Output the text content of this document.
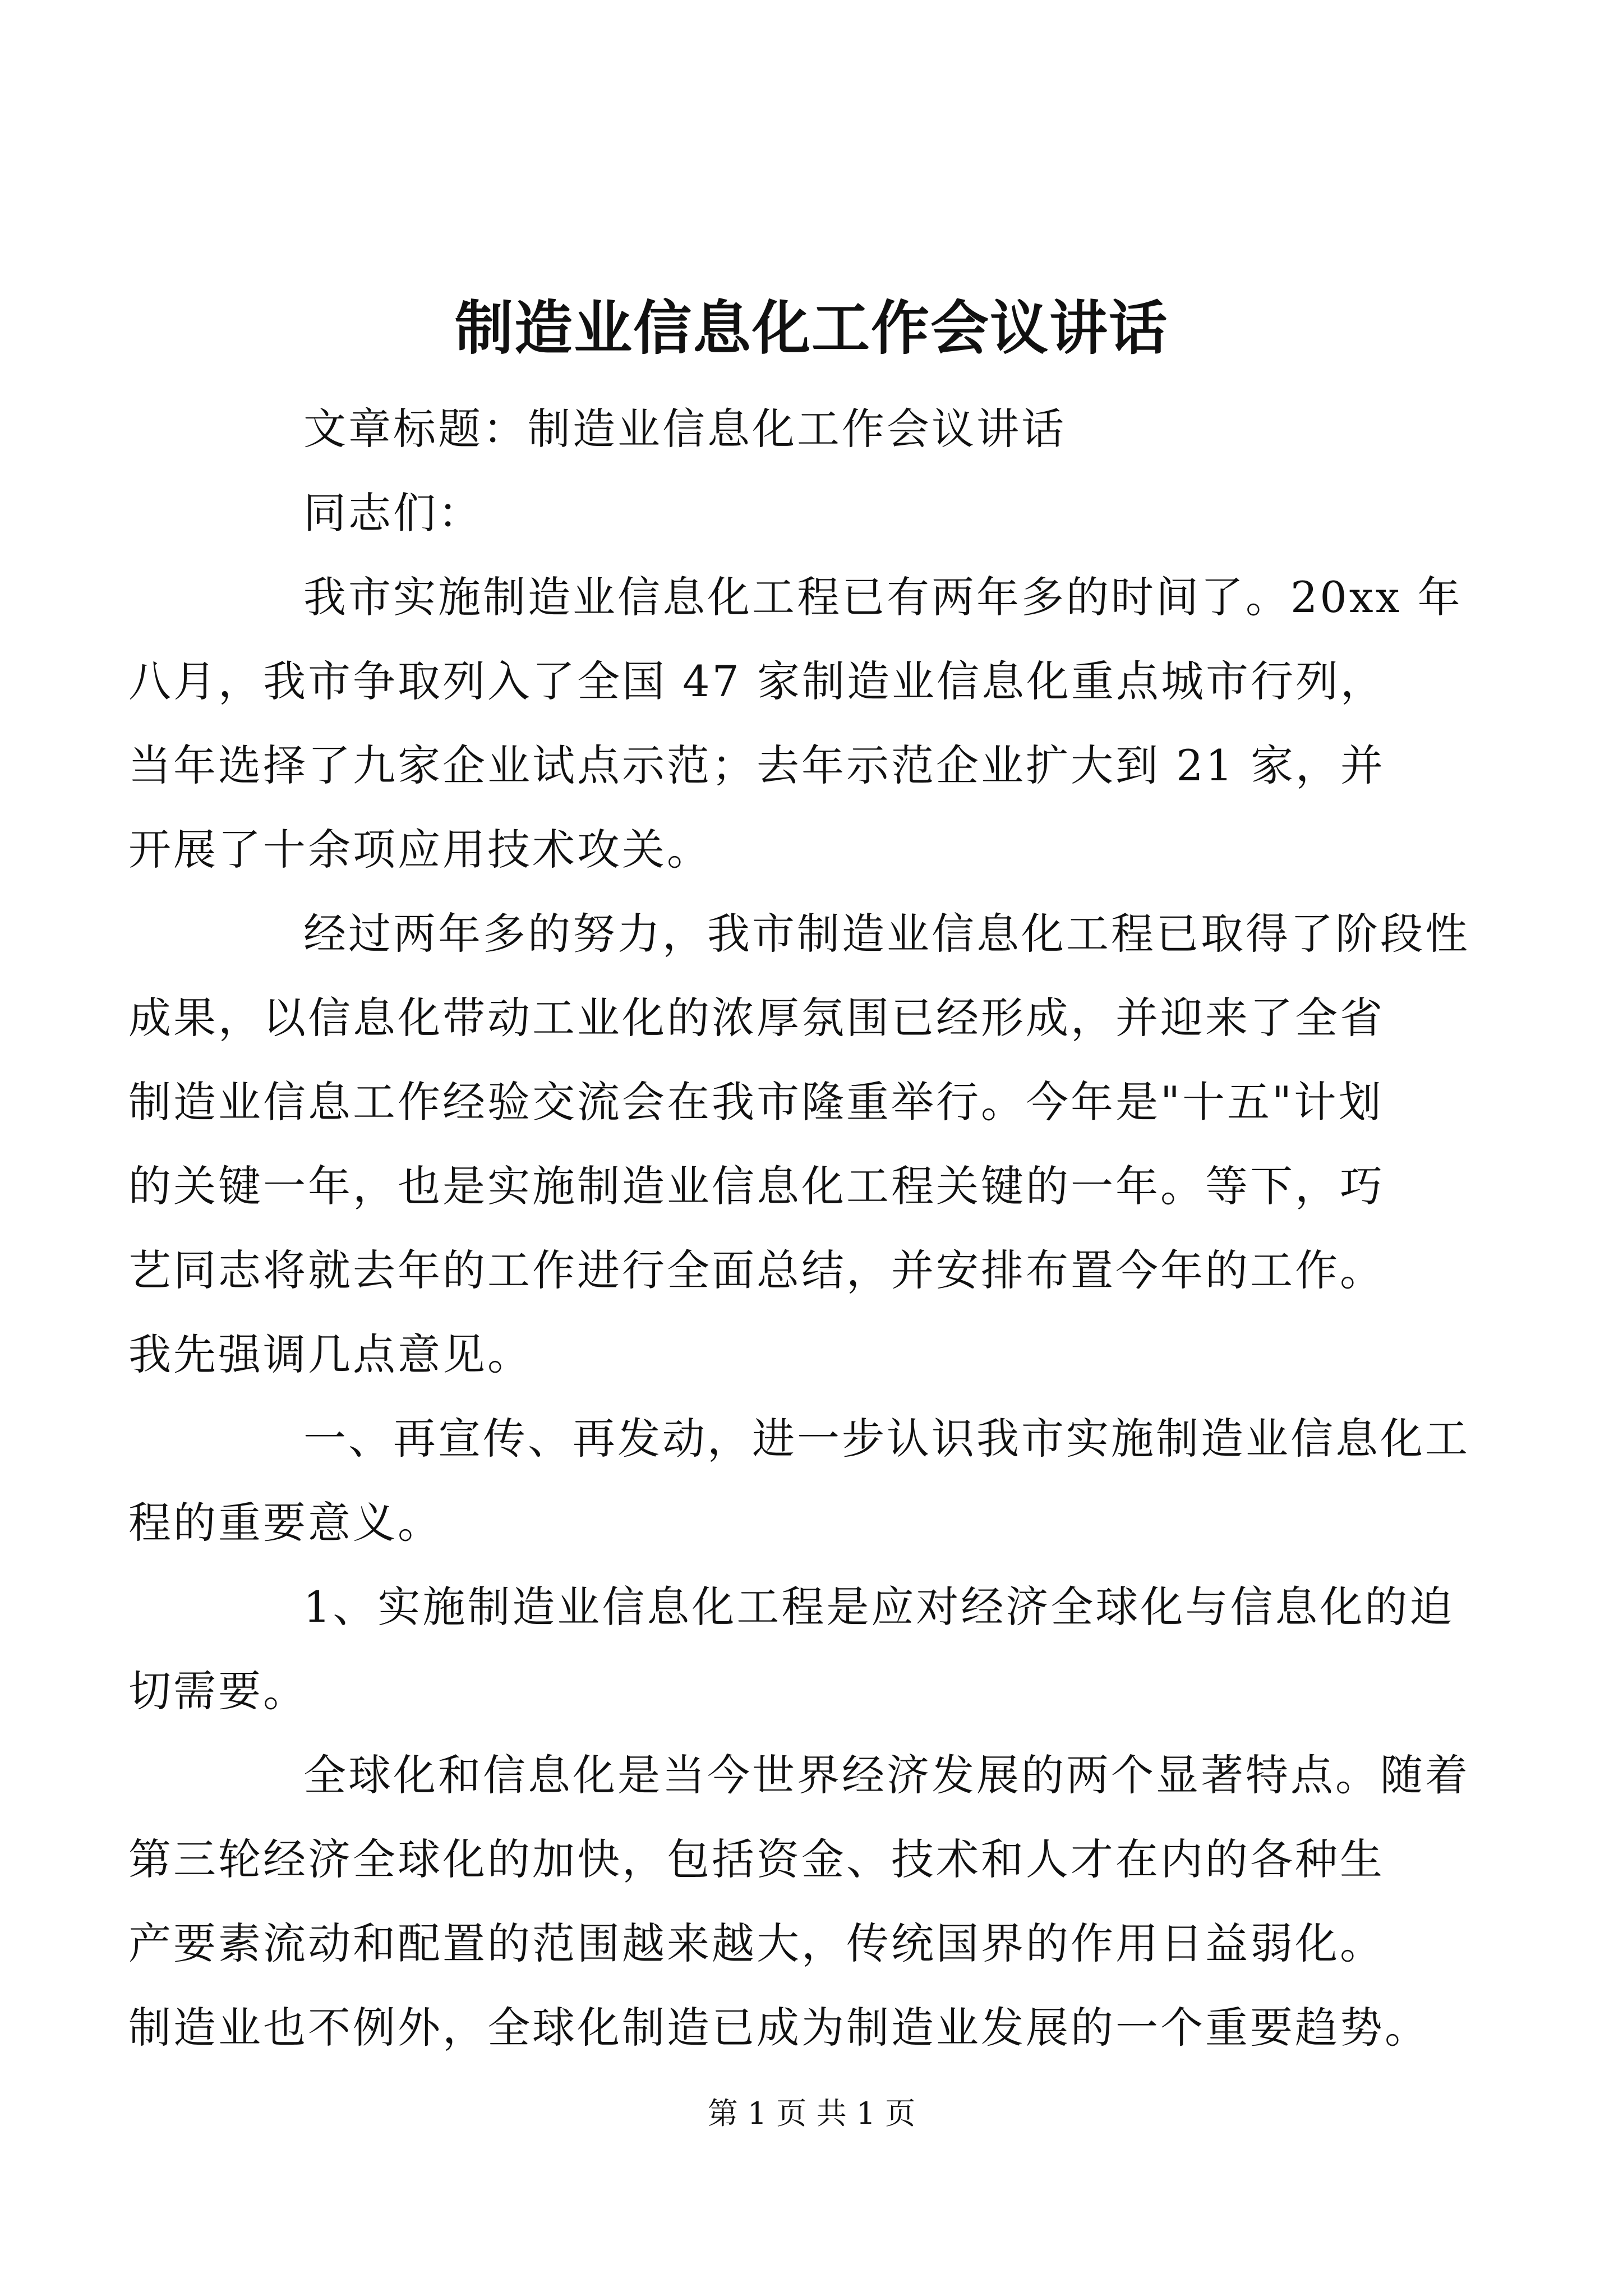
制造业信息化工作会议讲话

文章标题：制造业信息化工作会议讲话

同志们：

我市实施制造业信息化工程已有两年多的时间了。20xx 年
八月，我市争取列入了全国 47 家制造业信息化重点城市行列，
当年选择了九家企业试点示范；去年示范企业扩大到 21 家，并
开展了十余项应用技术攻关。

经过两年多的努力，我市制造业信息化工程已取得了阶段性
成果，以信息化带动工业化的浓厚氛围已经形成，并迎来了全省
制造业信息工作经验交流会在我市隆重举行。今年是"十五"计划
的关键一年，也是实施制造业信息化工程关键的一年。等下，巧
艺同志将就去年的工作进行全面总结，并安排布置今年的工作。
我先强调几点意见。

一、再宣传、再发动，进一步认识我市实施制造业信息化工
程的重要意义。

1、实施制造业信息化工程是应对经济全球化与信息化的迫
切需要。

全球化和信息化是当今世界经济发展的两个显著特点。随着
第三轮经济全球化的加快，包括资金、技术和人才在内的各种生
产要素流动和配置的范围越来越大，传统国界的作用日益弱化。
制造业也不例外，全球化制造已成为制造业发展的一个重要趋势。

第 1 页 共 1 页
